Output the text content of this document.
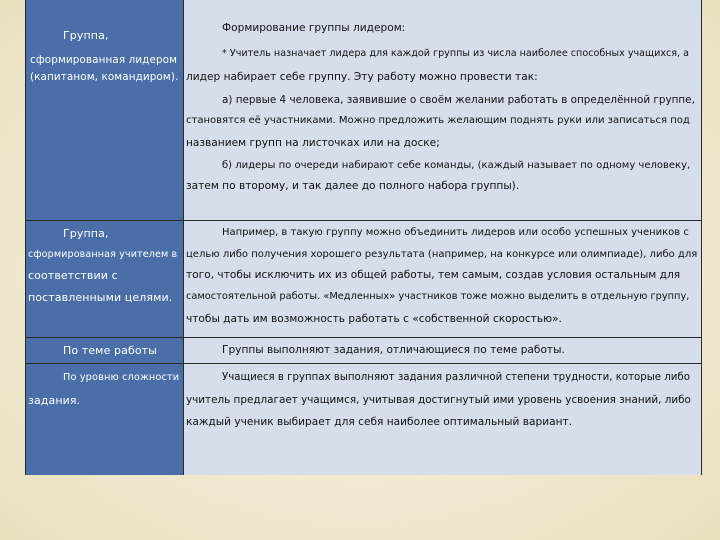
Группа,
сформированная лидером
(капитаном, командиром).
Формирование группы лидером:
* Учитель назначает лидера для каждой группы из числа наиболее способных учащихся, а
лидер набирает себе группу. Эту работу можно провести так:
а) первые 4 человека, заявившие о своём желании работать в определённой группе,
становятся её участниками. Можно предложить желающим поднять руки или записаться под
названием групп на листочках или на доске;
б) лидеры по очереди набирают себе команды, (каждый называет по одному человеку,
затем по второму, и так далее до полного набора группы).
Группа,
сформированная учителем в
соответствии с
поставленными целями.
Например, в такую группу можно объединить лидеров или особо успешных учеников с
целью либо получения хорошего результата (например, на конкурсе или олимпиаде), либо для
того, чтобы исключить их из общей работы, тем самым, создав условия остальным для
самостоятельной работы. «Медленных» участников тоже можно выделить в отдельную группу,
чтобы дать им возможность работать с «собственной скоростью».
По теме работы	Группы выполняют задания, отличающиеся по теме работы.
По уровню сложности
задания.
Учащиеся в группах выполняют задания различной степени трудности, которые либо
учитель предлагает учащимся, учитывая достигнутый ими уровень усвоения знаний, либо
каждый ученик выбирает для себя наиболее оптимальный вариант.
